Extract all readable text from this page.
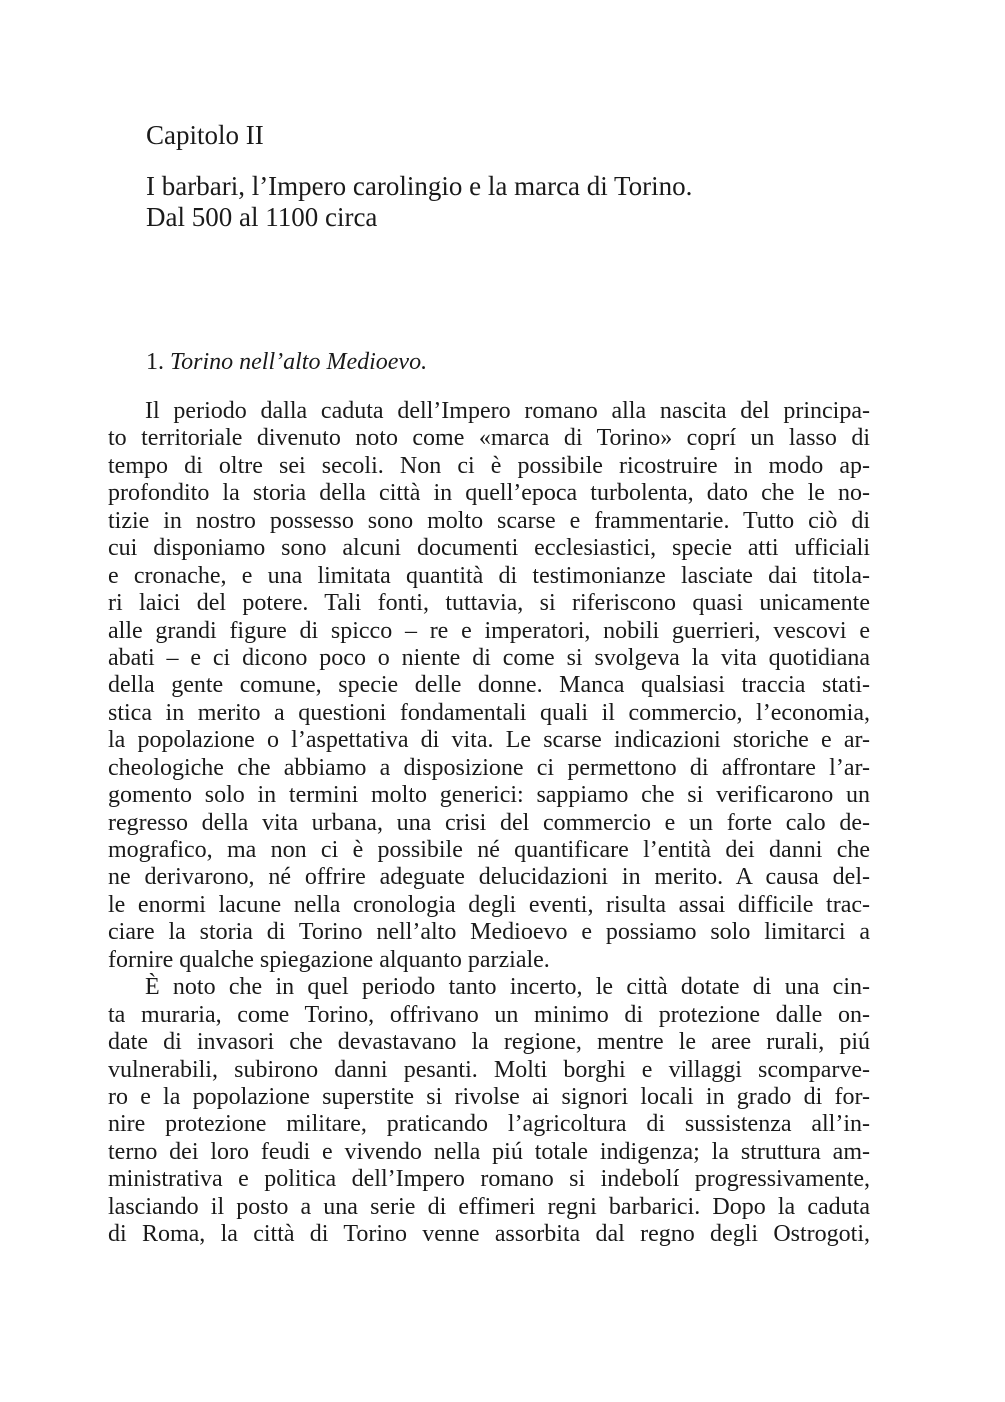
Capitolo II
I barbari, l’Impero carolingio e la marca di Torino.
Dal 500 al 1100 circa
1. Torino nell’alto Medioevo.
Il periodo dalla caduta dell’Impero romano alla nascita del principa-
to territoriale divenuto noto come «marca di Torino» coprí un lasso di
tempo di oltre sei secoli. Non ci è possibile ricostruire in modo ap-
profondito la storia della città in quell’epoca turbolenta, dato che le no-
tizie in nostro possesso sono molto scarse e frammentarie. Tutto ciò di
cui disponiamo sono alcuni documenti ecclesiastici, specie atti ufficiali
e cronache, e una limitata quantità di testimonianze lasciate dai titola-
ri laici del potere. Tali fonti, tuttavia, si riferiscono quasi unicamente
alle grandi figure di spicco – re e imperatori, nobili guerrieri, vescovi e
abati – e ci dicono poco o niente di come si svolgeva la vita quotidiana
della gente comune, specie delle donne. Manca qualsiasi traccia stati-
stica in merito a questioni fondamentali quali il commercio, l’economia,
la popolazione o l’aspettativa di vita. Le scarse indicazioni storiche e ar-
cheologiche che abbiamo a disposizione ci permettono di affrontare l’ar-
gomento solo in termini molto generici: sappiamo che si verificarono un
regresso della vita urbana, una crisi del commercio e un forte calo de-
mografico, ma non ci è possibile né quantificare l’entità dei danni che
ne derivarono, né offrire adeguate delucidazioni in merito. A causa del-
le enormi lacune nella cronologia degli eventi, risulta assai difficile trac-
ciare la storia di Torino nell’alto Medioevo e possiamo solo limitarci a
fornire qualche spiegazione alquanto parziale.
È noto che in quel periodo tanto incerto, le città dotate di una cin-
ta muraria, come Torino, offrivano un minimo di protezione dalle on-
date di invasori che devastavano la regione, mentre le aree rurali, piú
vulnerabili, subirono danni pesanti. Molti borghi e villaggi scomparve-
ro e la popolazione superstite si rivolse ai signori locali in grado di for-
nire protezione militare, praticando l’agricoltura di sussistenza all’in-
terno dei loro feudi e vivendo nella piú totale indigenza; la struttura am-
ministrativa e politica dell’Impero romano si indebolí progressivamente,
lasciando il posto a una serie di effimeri regni barbarici. Dopo la caduta
di Roma, la città di Torino venne assorbita dal regno degli Ostrogoti,
